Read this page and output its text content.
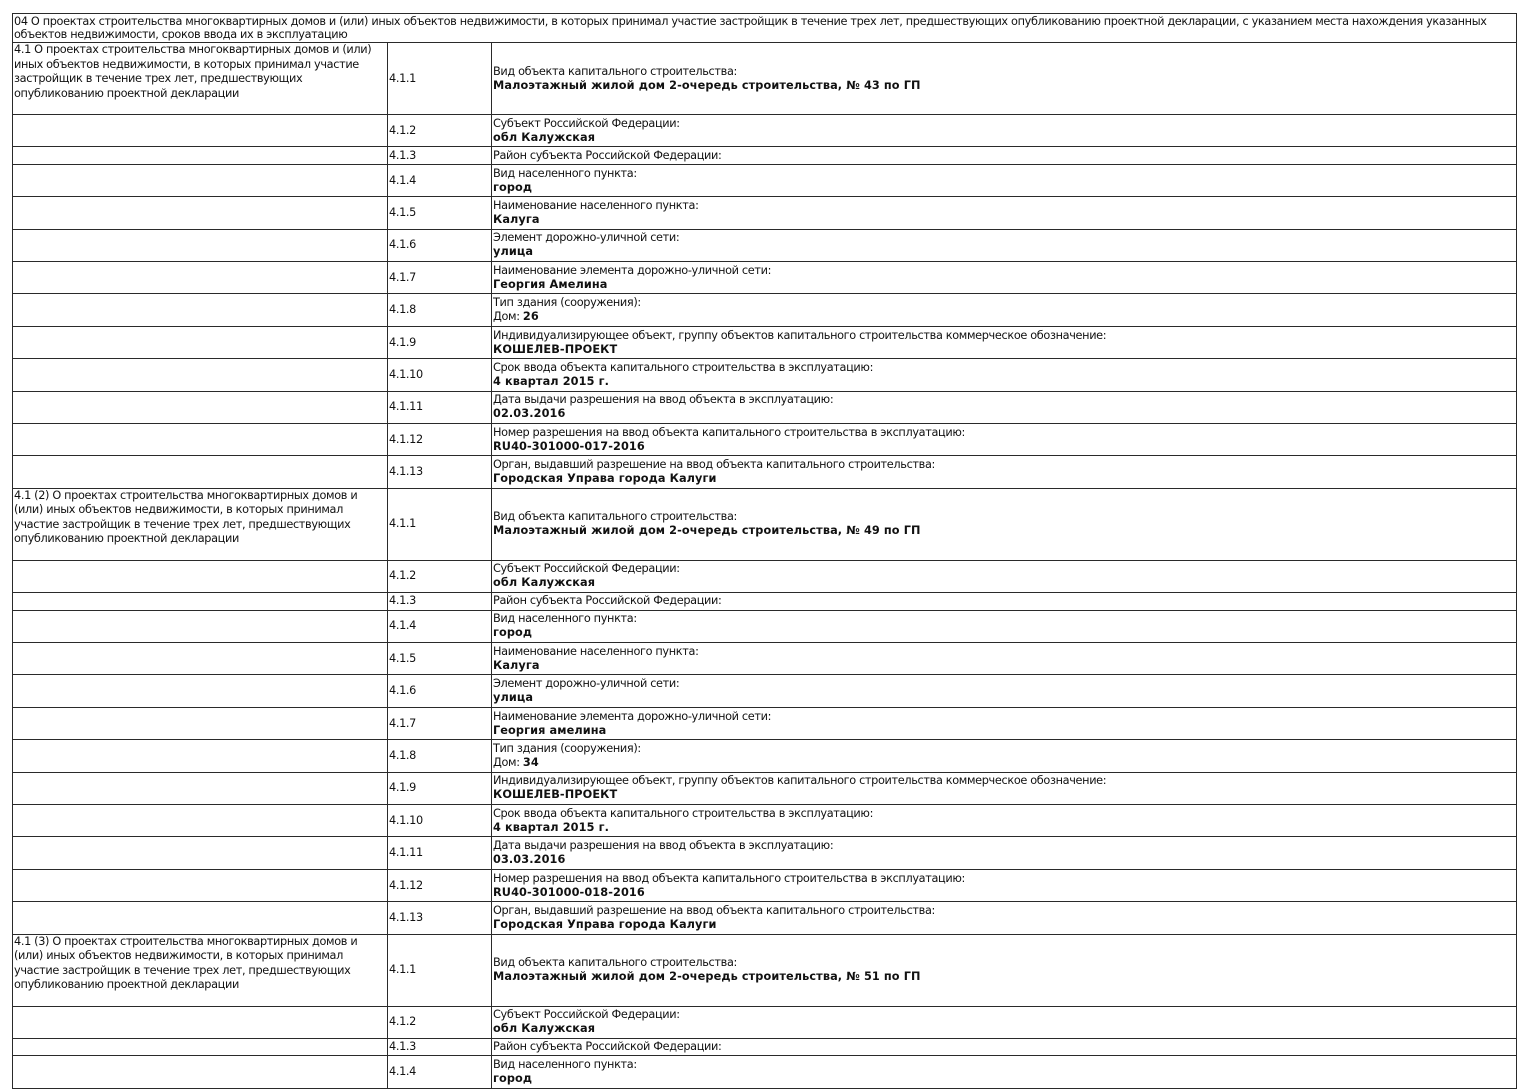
04 О проектах строительства многоквартирных домов и (или) иных объектов недвижимости, в которых принимал участие застройщик в течение трех лет, предшествующих опубликованию проектной декларации, с указанием места нахождения указанных объектов недвижимости, сроков ввода их в эксплуатацию		
4.1 О проектах строительства многоквартирных домов и (или) иных объектов недвижимости, в которых принимал участие застройщик в течение трех лет, предшествующих опубликованию проектной декларации	4.1.1	Вид объекта капитального строительства:
Малоэтажный жилой дом 2-очередь строительства, № 43 по ГП

	4.1.2	Субъект Российской Федерации:
обл Калужская

	4.1.3	Район субъекта Российской Федерации:

	4.1.4	Вид населенного пункта:
город

	4.1.5	Наименование населенного пункта:
Калуга

	4.1.6	Элемент дорожно-уличной сети:
улица

	4.1.7	Наименование элемента дорожно-уличной сети:
Георгия Амелина

	4.1.8	Тип здания (сооружения):
Дом: 26

	4.1.9	Индивидуализирующее объект, группу объектов капитального строительства коммерческое обозначение:
КОШЕЛЕВ-ПРОЕКТ

	4.1.10	Срок ввода объекта капитального строительства в эксплуатацию:
4 квартал 2015 г.

	4.1.11	Дата выдачи разрешения на ввод объекта в эксплуатацию:
02.03.2016

	4.1.12	Номер разрешения на ввод объекта капитального строительства в эксплуатацию:
RU40-301000-017-2016

	4.1.13	Орган, выдавший разрешение на ввод объекта капитального строительства:
Городская Управа города Калуги

4.1 (2) О проектах строительства многоквартирных домов и (или) иных объектов недвижимости, в которых принимал участие застройщик в течение трех лет, предшествующих опубликованию проектной декларации	4.1.1	Вид объекта капитального строительства:
Малоэтажный жилой дом 2-очередь строительства, № 49 по ГП

	4.1.2	Субъект Российской Федерации:
обл Калужская

	4.1.3	Район субъекта Российской Федерации:

	4.1.4	Вид населенного пункта:
город

	4.1.5	Наименование населенного пункта:
Калуга

	4.1.6	Элемент дорожно-уличной сети:
улица

	4.1.7	Наименование элемента дорожно-уличной сети:
Георгия амелина

	4.1.8	Тип здания (сооружения):
Дом: 34

	4.1.9	Индивидуализирующее объект, группу объектов капитального строительства коммерческое обозначение:
КОШЕЛЕВ-ПРОЕКТ

	4.1.10	Срок ввода объекта капитального строительства в эксплуатацию:
4 квартал 2015 г.

	4.1.11	Дата выдачи разрешения на ввод объекта в эксплуатацию:
03.03.2016

	4.1.12	Номер разрешения на ввод объекта капитального строительства в эксплуатацию:
RU40-301000-018-2016

	4.1.13	Орган, выдавший разрешение на ввод объекта капитального строительства:
Городская Управа города Калуги

4.1 (3) О проектах строительства многоквартирных домов и (или) иных объектов недвижимости, в которых принимал участие застройщик в течение трех лет, предшествующих опубликованию проектной декларации	4.1.1	Вид объекта капитального строительства:
Малоэтажный жилой дом 2-очередь строительства, № 51 по ГП

	4.1.2	Субъект Российской Федерации:
обл Калужская

	4.1.3	Район субъекта Российской Федерации:

	4.1.4	Вид населенного пункта:
город
